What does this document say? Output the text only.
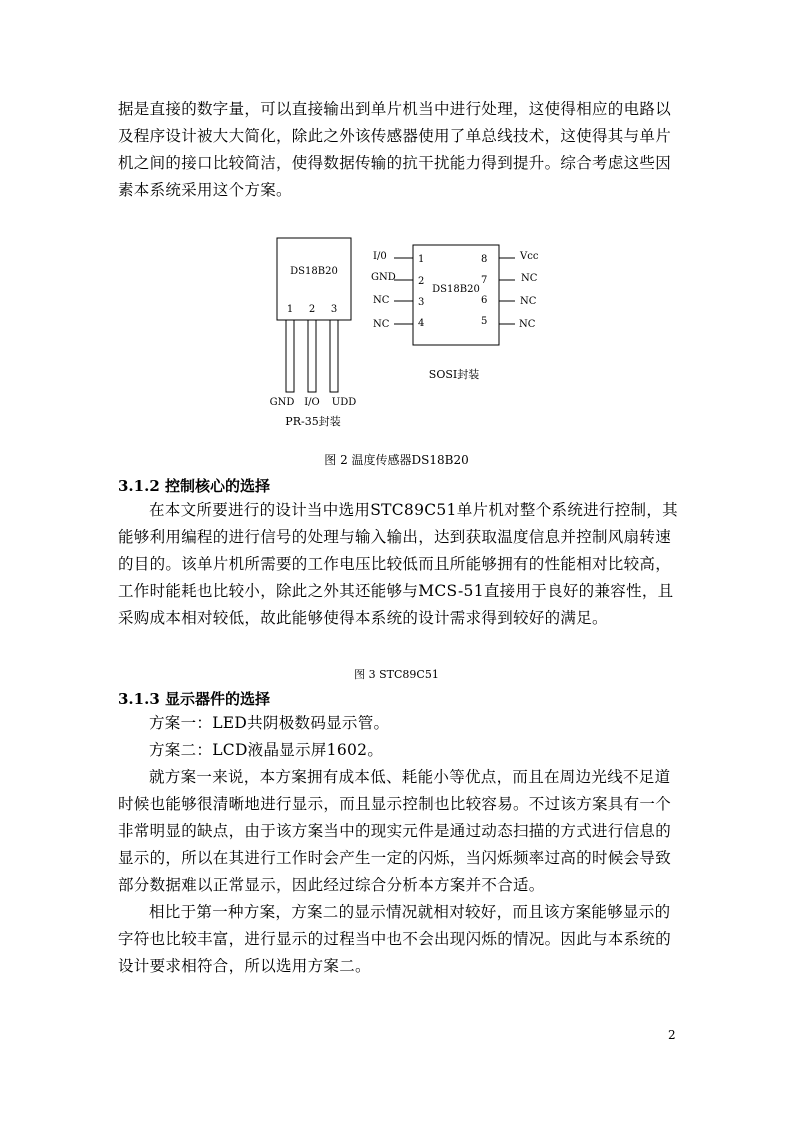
据是直接的数字量，可以直接输出到单片机当中进行处理，这使得相应的电路以
及程序设计被大大简化，除此之外该传感器使用了单总线技术，这使得其与单片
机之间的接口比较简洁，使得数据传输的抗干扰能力得到提升。综合考虑这些因
素本系统采用这个方案。
DS18B20
1 2 3
GND I/O UDD
PR-35封装
DS18B20
I/0	1
GND 2
NC	3
NC	4
8	Vcc
7	NC
6	NC
5	NC
SOSI封装
图 2 温度传感器DS18B20
3.1.2 控制核心的选择
在本文所要进行的设计当中选用STC89C51单片机对整个系统进行控制，其
能够利用编程的进行信号的处理与输入输出，达到获取温度信息并控制风扇转速
的目的。该单片机所需要的工作电压比较低而且所能够拥有的性能相对比较高，
工作时能耗也比较小，除此之外其还能够与MCS-51直接用于良好的兼容性，且
采购成本相对较低，故此能够使得本系统的设计需求得到较好的满足。
图 3 STC89C51
3.1.3 显示器件的选择
方案一：LED共阴极数码显示管。
方案二：LCD液晶显示屏1602。
就方案一来说，本方案拥有成本低、耗能小等优点，而且在周边光线不足道
时候也能够很清晰地进行显示，而且显示控制也比较容易。不过该方案具有一个
非常明显的缺点，由于该方案当中的现实元件是通过动态扫描的方式进行信息的
显示的，所以在其进行工作时会产生一定的闪烁，当闪烁频率过高的时候会导致
部分数据难以正常显示，因此经过综合分析本方案并不合适。
相比于第一种方案，方案二的显示情况就相对较好，而且该方案能够显示的
字符也比较丰富，进行显示的过程当中也不会出现闪烁的情况。因此与本系统的
设计要求相符合，所以选用方案二。
2
